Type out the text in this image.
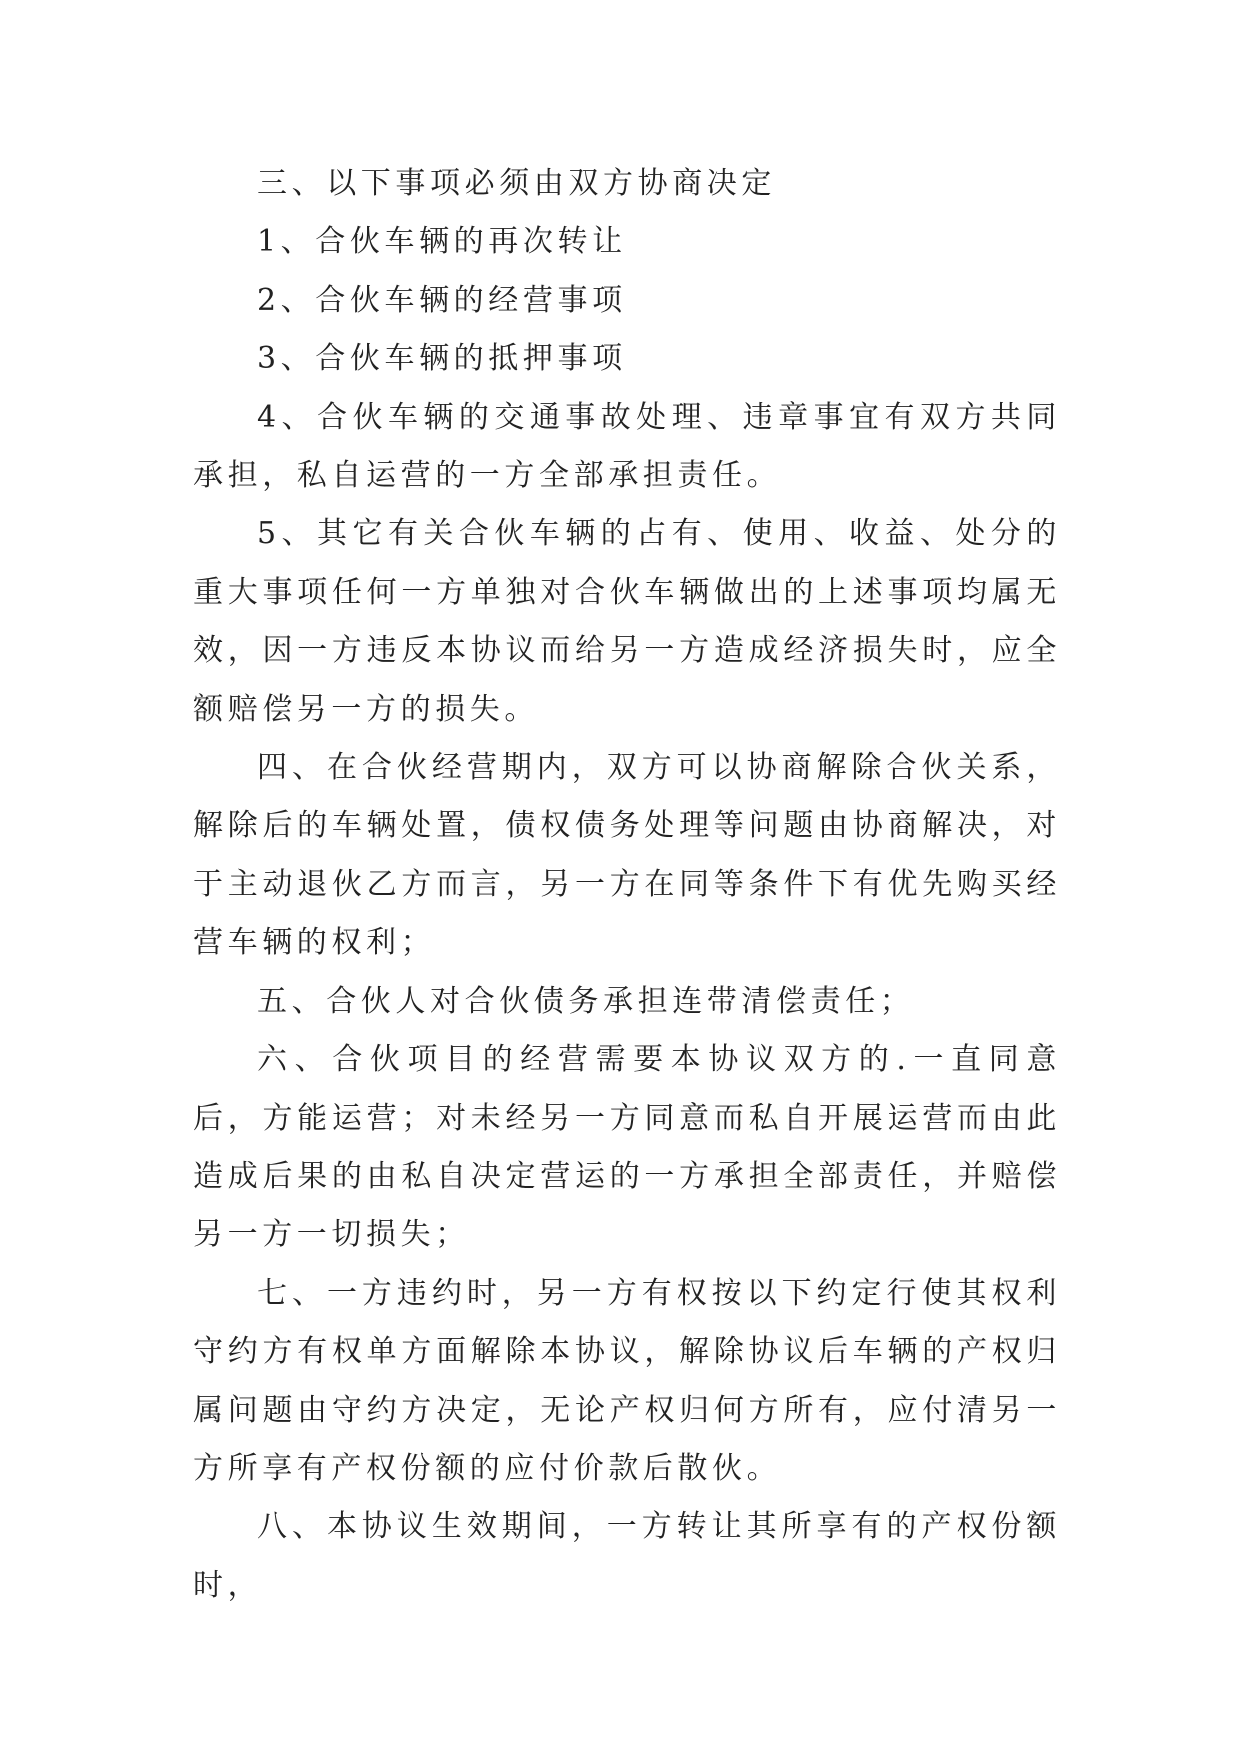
三、以下事项必须由双方协商决定

1、合伙车辆的再次转让

2、合伙车辆的经营事项

3、合伙车辆的抵押事项

4、合伙车辆的交通事故处理、违章事宜有双方共同承担，私自运营的一方全部承担责任。

5、其它有关合伙车辆的占有、使用、收益、处分的重大事项任何一方单独对合伙车辆做出的上述事项均属无效，因一方违反本协议而给另一方造成经济损失时，应全额赔偿另一方的损失。

四、在合伙经营期内，双方可以协商解除合伙关系，解除后的车辆处置，债权债务处理等问题由协商解决，对于主动退伙乙方而言，另一方在同等条件下有优先购买经营车辆的权利；

五、合伙人对合伙债务承担连带清偿责任；

六、合伙项目的经营需要本协议双方的.一直同意后，方能运营；对未经另一方同意而私自开展运营而由此造成后果的由私自决定营运的一方承担全部责任，并赔偿另一方一切损失；

七、一方违约时，另一方有权按以下约定行使其权利守约方有权单方面解除本协议，解除协议后车辆的产权归属问题由守约方决定，无论产权归何方所有，应付清另一方所享有产权份额的应付价款后散伙。

八、本协议生效期间，一方转让其所享有的产权份额时，
